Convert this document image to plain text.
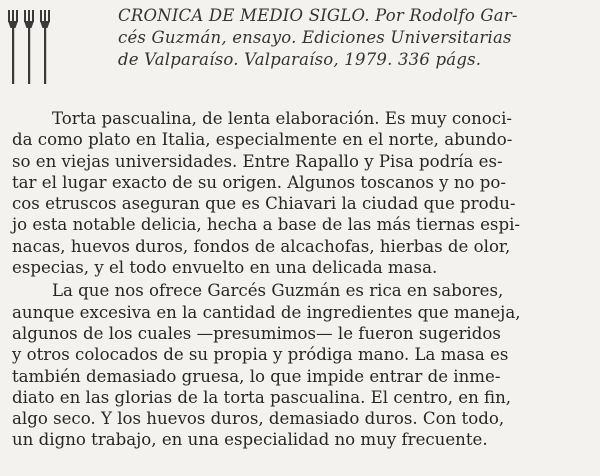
CRONICA DE MEDIO SIGLO. Por Rodolfo Gar-
cés Guzmán, ensayo. Ediciones Universitarias
de Valparaíso. Valparaíso, 1979. 336 págs.
Torta pascualina, de lenta elaboración. Es muy conoci-
da como plato en Italia, especialmente en el norte, abundo-
so en viejas universidades. Entre Rapallo y Pisa podría es-
tar el lugar exacto de su origen. Algunos toscanos y no po-
cos etruscos aseguran que es Chiavari la ciudad que produ-
jo esta notable delicia, hecha a base de las más tiernas espi-
nacas, huevos duros, fondos de alcachofas, hierbas de olor,
especias, y el todo envuelto en una delicada masa.
La que nos ofrece Garcés Guzmán es rica en sabores,
aunque excesiva en la cantidad de ingredientes que maneja,
algunos de los cuales —presumimos— le fueron sugeridos
y otros colocados de su propia y pródiga mano. La masa es
también demasiado gruesa, lo que impide entrar de inme-
diato en las glorias de la torta pascualina. El centro, en fin,
algo seco. Y los huevos duros, demasiado duros. Con todo,
un digno trabajo, en una especialidad no muy frecuente.
